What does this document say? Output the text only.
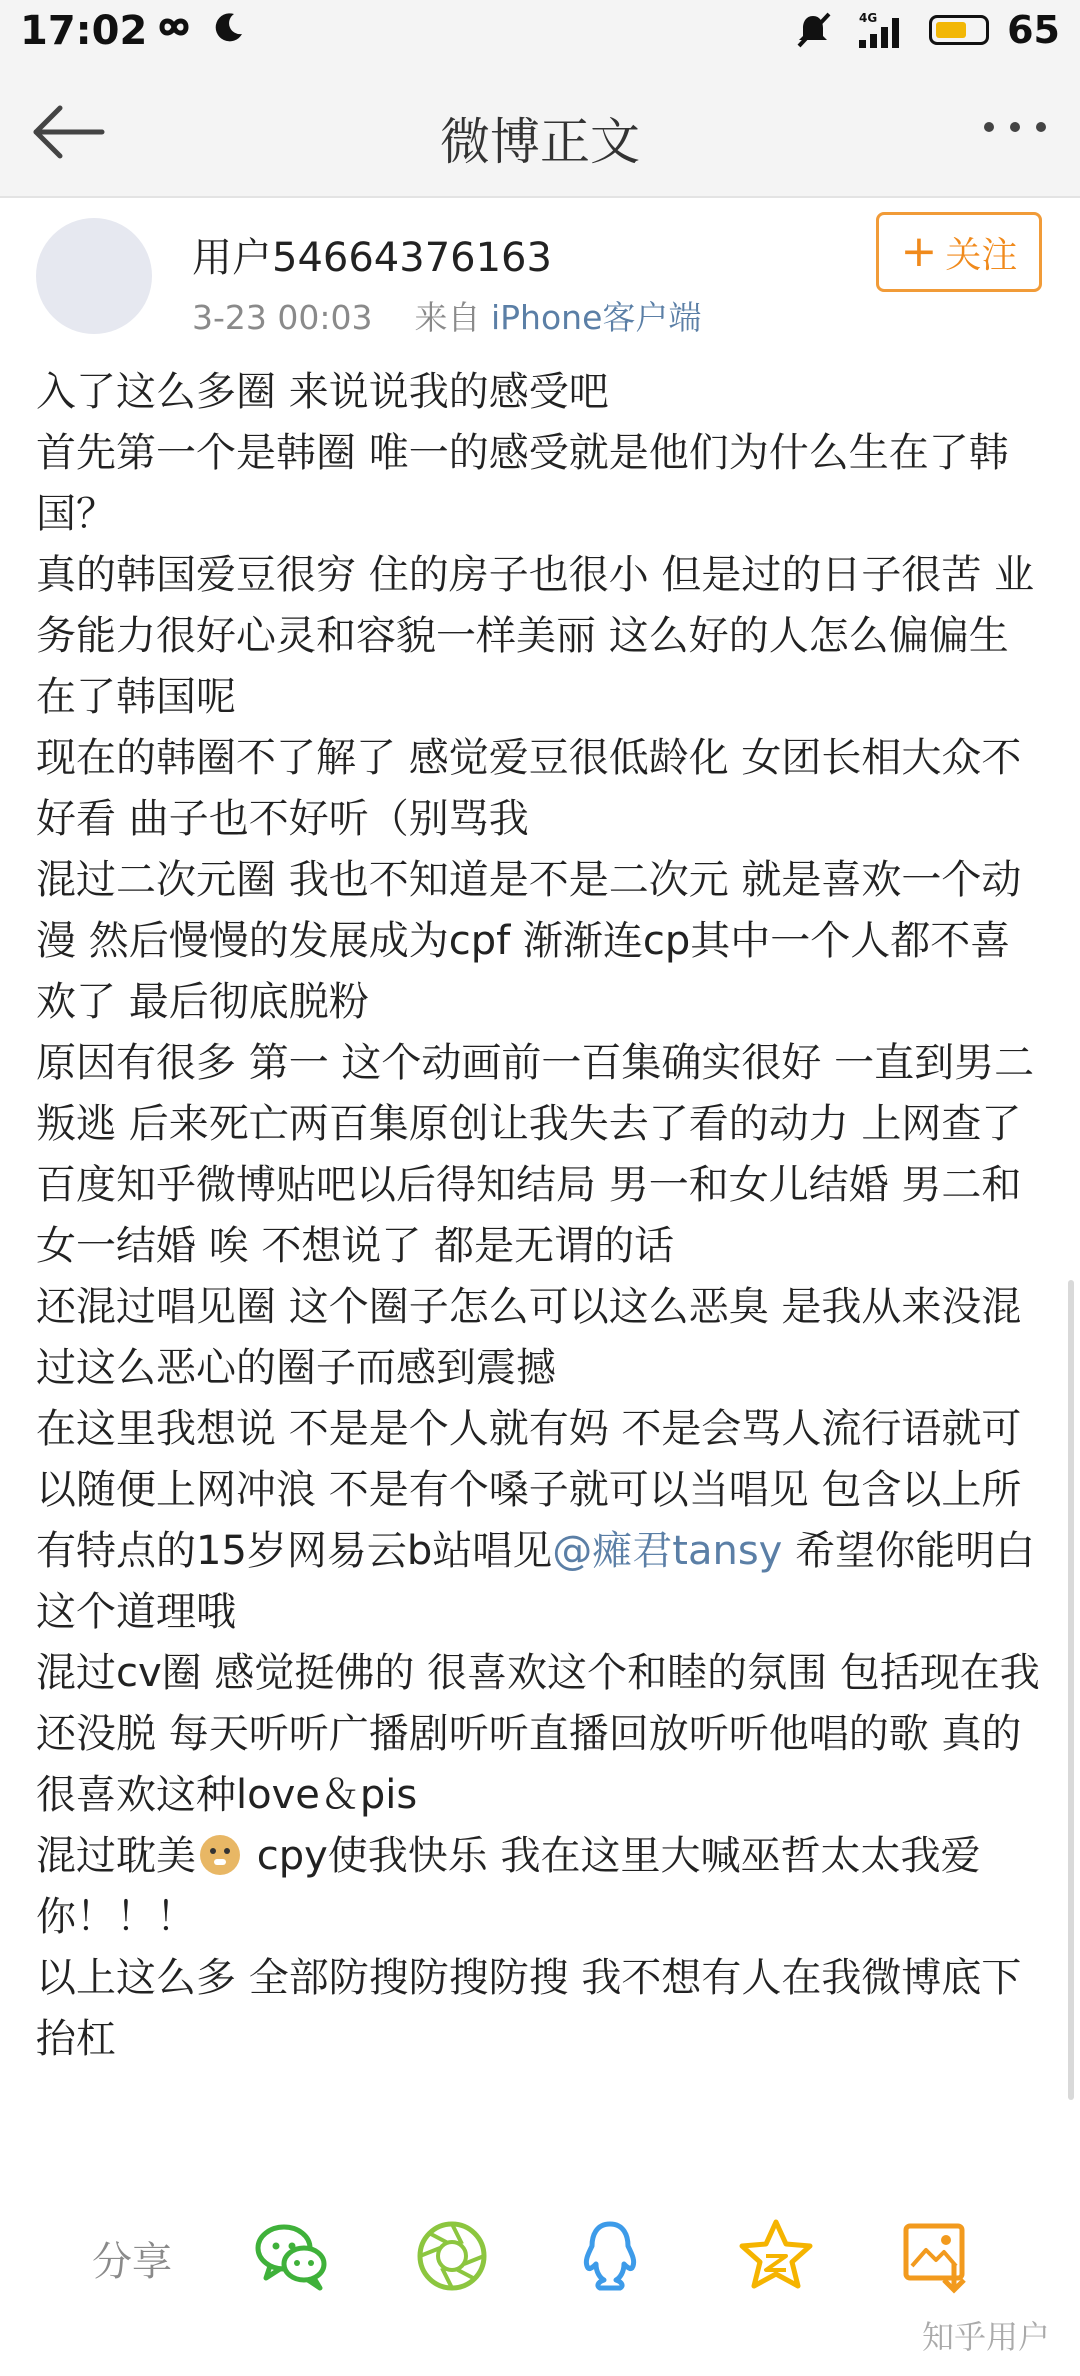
17:02	4G	65
微博正文
用户54664376163
3-23 00:03 来自 iPhone客户端
+ 关注

入了这么多圈 来说说我的感受吧

首先第一个是韩圈 唯一的感受就是他们为什么生在了韩国？

真的韩国爱豆很穷 住的房子也很小 但是过的日子很苦 业务能力很好心灵和容貌一样美丽 这么好的人怎么偏偏生在了韩国呢

现在的韩圈不了解了 感觉爱豆很低龄化 女团长相大众不好看 曲子也不好听（别骂我

混过二次元圈 我也不知道是不是二次元 就是喜欢一个动漫 然后慢慢的发展成为cpf 渐渐连cp其中一个人都不喜欢了 最后彻底脱粉

原因有很多 第一 这个动画前一百集确实很好 一直到男二叛逃 后来死亡两百集原创让我失去了看的动力 上网查了百度知乎微博贴吧以后得知结局 男一和女儿结婚 男二和女一结婚 唉 不想说了 都是无谓的话

还混过唱见圈 这个圈子怎么可以这么恶臭 是我从来没混过这么恶心的圈子而感到震撼

在这里我想说 不是是个人就有妈 不是会骂人流行语就可以随便上网冲浪 不是有个嗓子就可以当唱见 包含以上所有特点的15岁网易云b站唱见@瘫君tansy 希望你能明白这个道理哦

混过cv圈 感觉挺佛的 很喜欢这个和睦的氛围 包括现在我还没脱 每天听听广播剧听听直播回放听听他唱的歌 真的很喜欢这种love＆pis

混过耽美 cpy使我快乐 我在这里大喊巫哲太太我爱你！！！

以上这么多 全部防搜防搜防搜 我不想有人在我微博底下抬杠

分享
知乎用户
